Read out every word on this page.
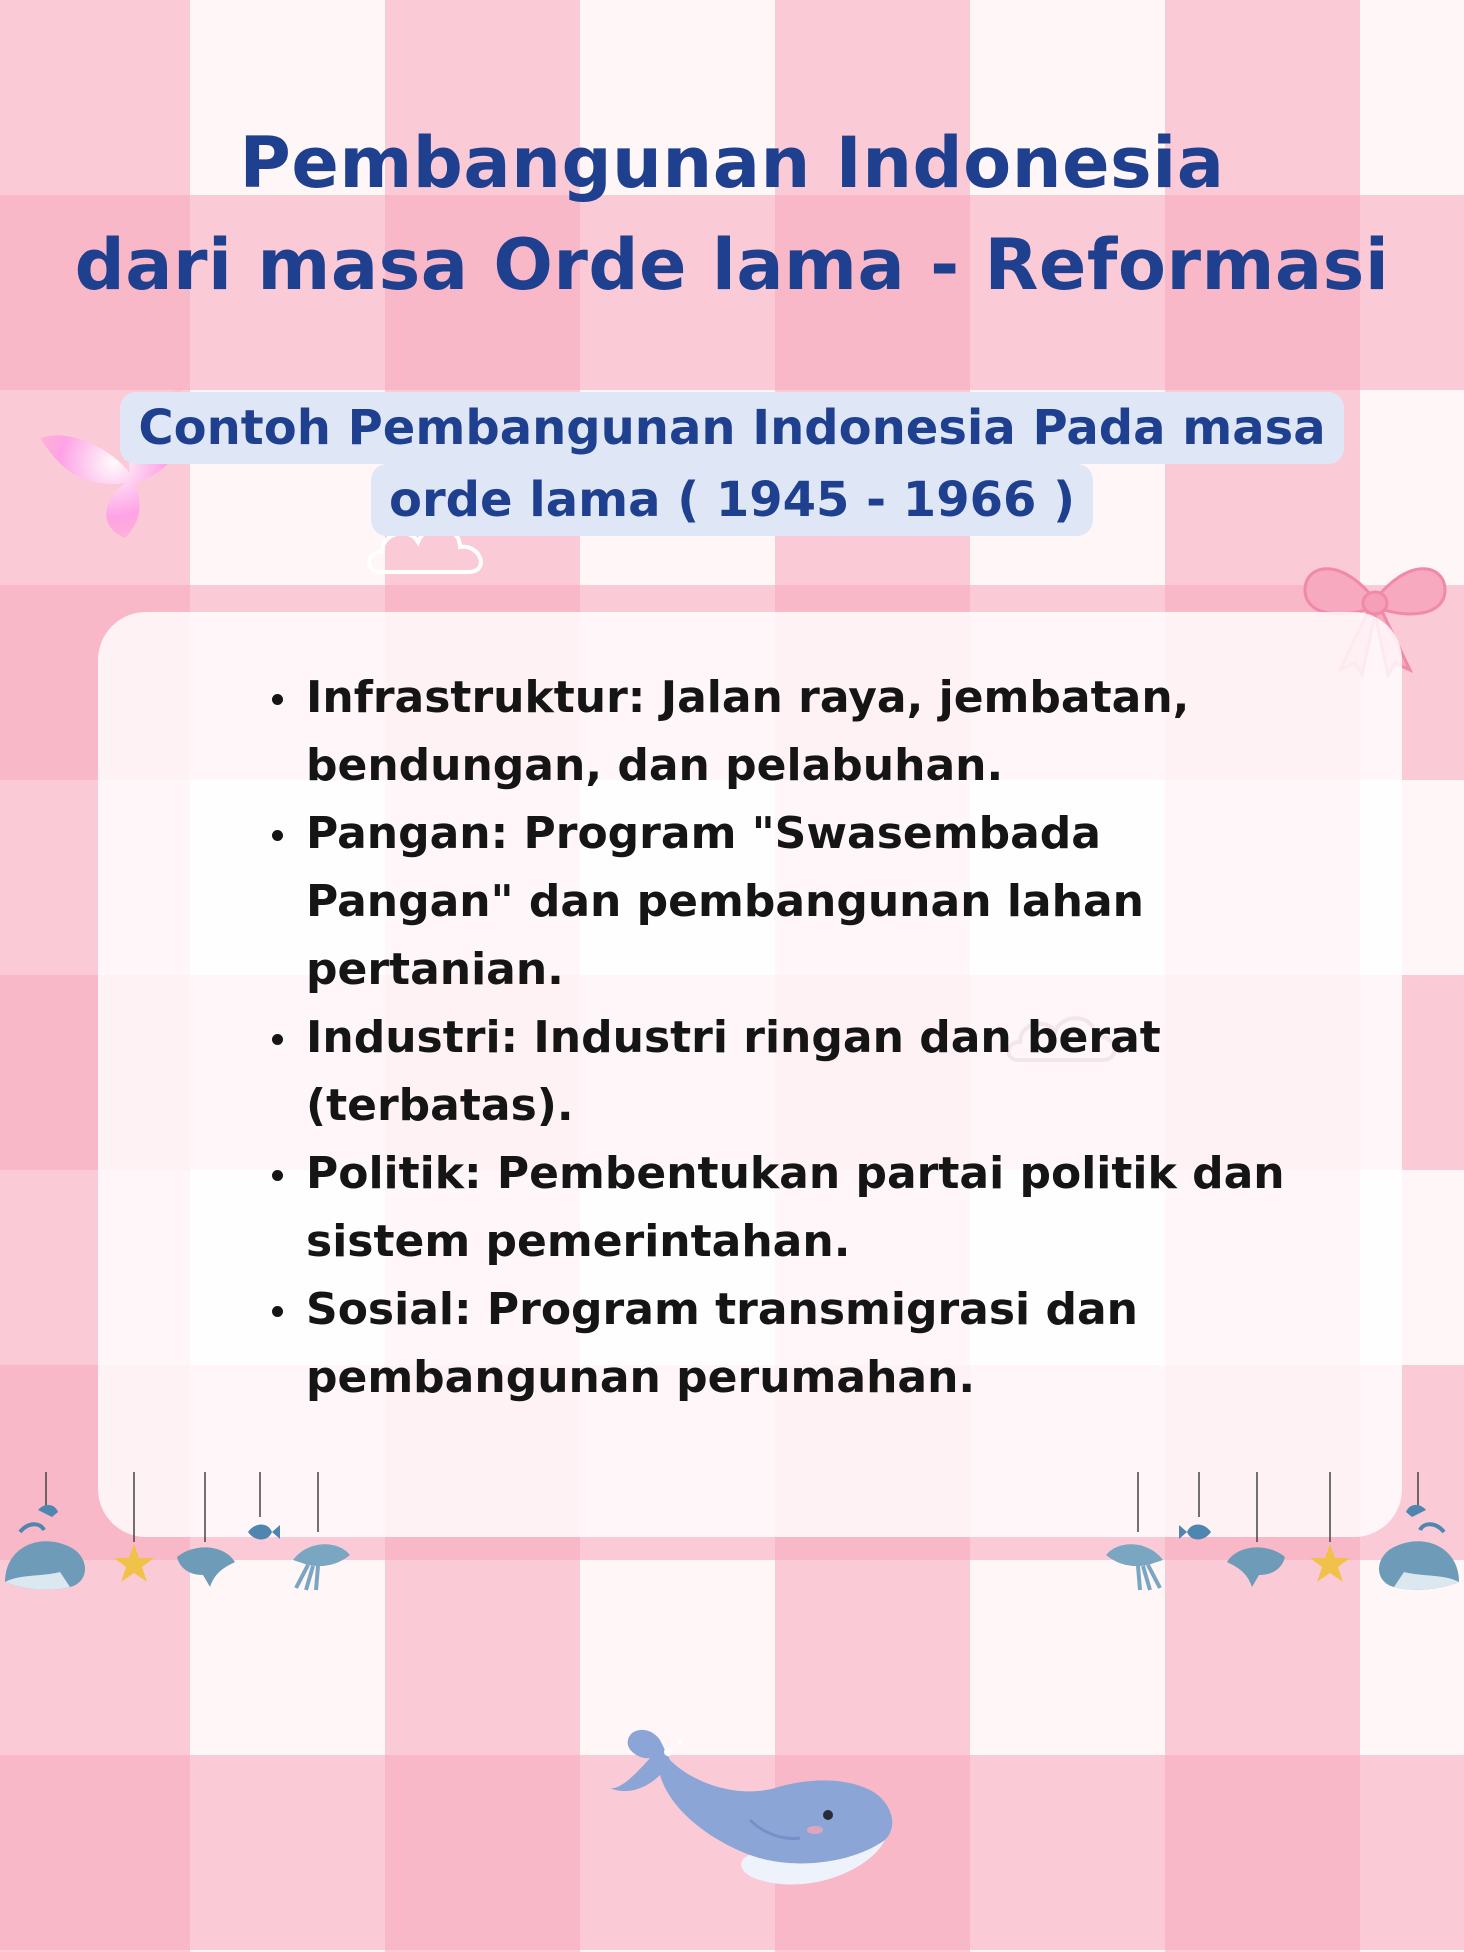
Pembangunan Indonesia
dari masa Orde lama - Reformasi
Contoh Pembangunan Indonesia Pada masa
orde lama ( 1945 - 1966 )
Infrastruktur: Jalan raya, jembatan, bendungan, dan pelabuhan.
Pangan: Program "Swasembada Pangan" dan pembangunan lahan pertanian.
Industri: Industri ringan dan berat (terbatas).
Politik: Pembentukan partai politik dan sistem pemerintahan.
Sosial: Program transmigrasi dan pembangunan perumahan.
